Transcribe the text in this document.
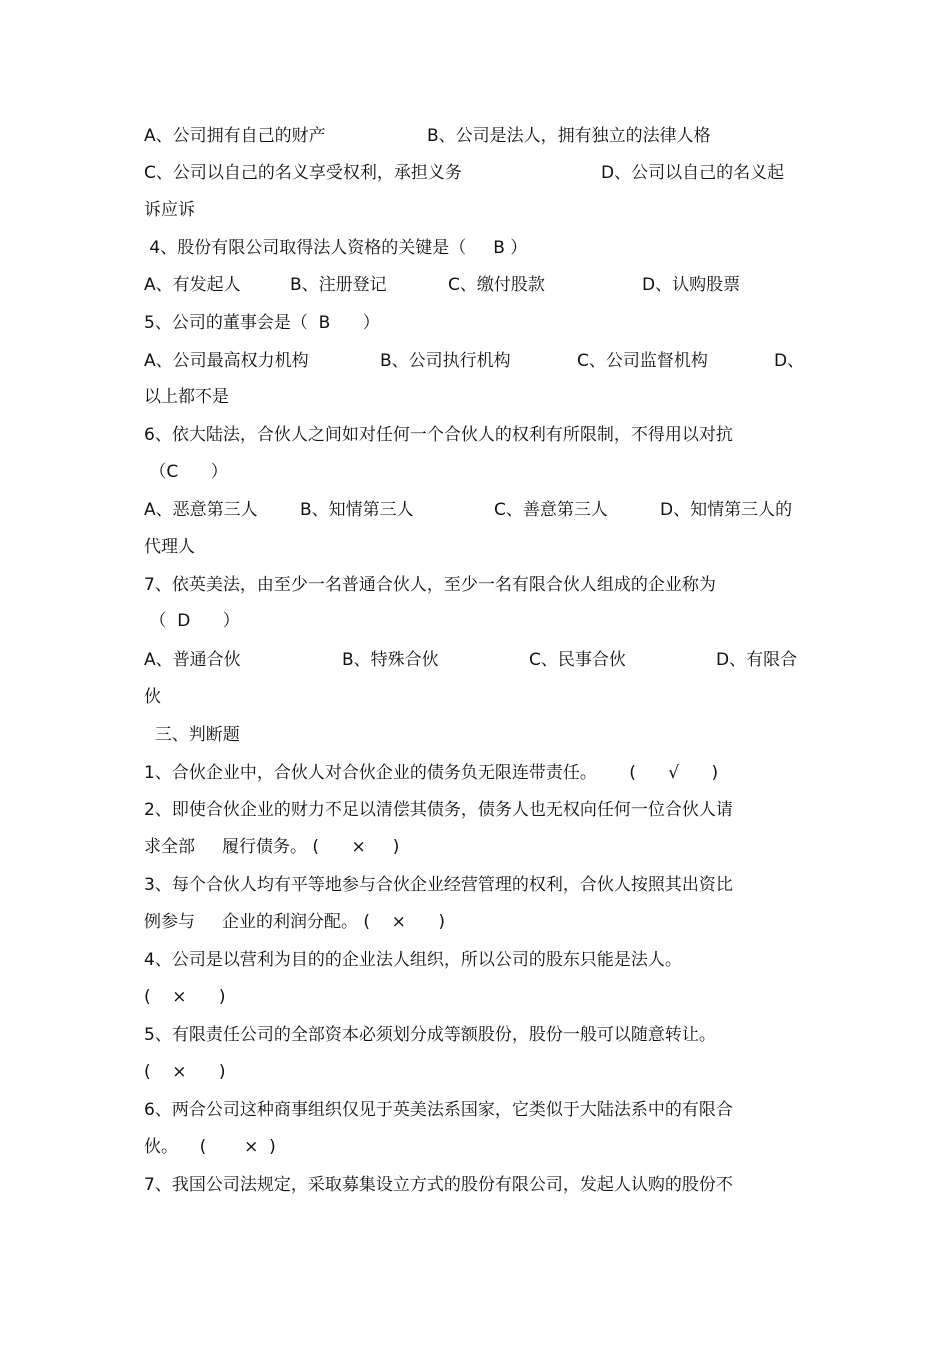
A、公司拥有自己的财产

	B、公司是法人，拥有独立的法律人格

C、公司以自己的名义享受权利，承担义务

	D、公司以自己的名义起

诉应诉
4、股份有限公司取得法人资格的关键是（     B ）

A、有发起人

	B、注册登记

	C、缴付股款

	D、认购股票

5、公司的董事会是（  B      ）

A、公司最高权力机构

	B、公司执行机构

	C、公司监督机构

	D、

以上都不是
6、依大陆法，合伙人之间如对任何一个合伙人的权利有所限制，不得用以对抗
（C      ）

A、恶意第三人

B、知情第三人

	C、善意第三人

	D、知情第三人的

代理人
7、依英美法，由至少一名普通合伙人，至少一名有限合伙人组成的企业称为
（  D      ）

A、普通合伙

	B、特殊合伙

	C、民事合伙

	D、有限合

伙
三、判断题
1、合伙企业中，合伙人对合伙企业的债务负无限连带责任。      (      √      )
2、即使合伙企业的财力不足以清偿其债务，债务人也无权向任何一位合伙人请
求全部     履行债务。 (      ×     )
3、每个合伙人均有平等地参与合伙企业经营管理的权利，合伙人按照其出资比
例参与     企业的利润分配。 (    ×      )
4、公司是以营利为目的的企业法人组织，所以公司的股东只能是法人。
(    ×      )
5、有限责任公司的全部资本必须划分成等额股份，股份一般可以随意转让。
(    ×      )
6、两合公司这种商事组织仅见于英美法系国家，它类似于大陆法系中的有限合
伙。    (       ×  )
7、我国公司法规定，采取募集设立方式的股份有限公司，发起人认购的股份不
